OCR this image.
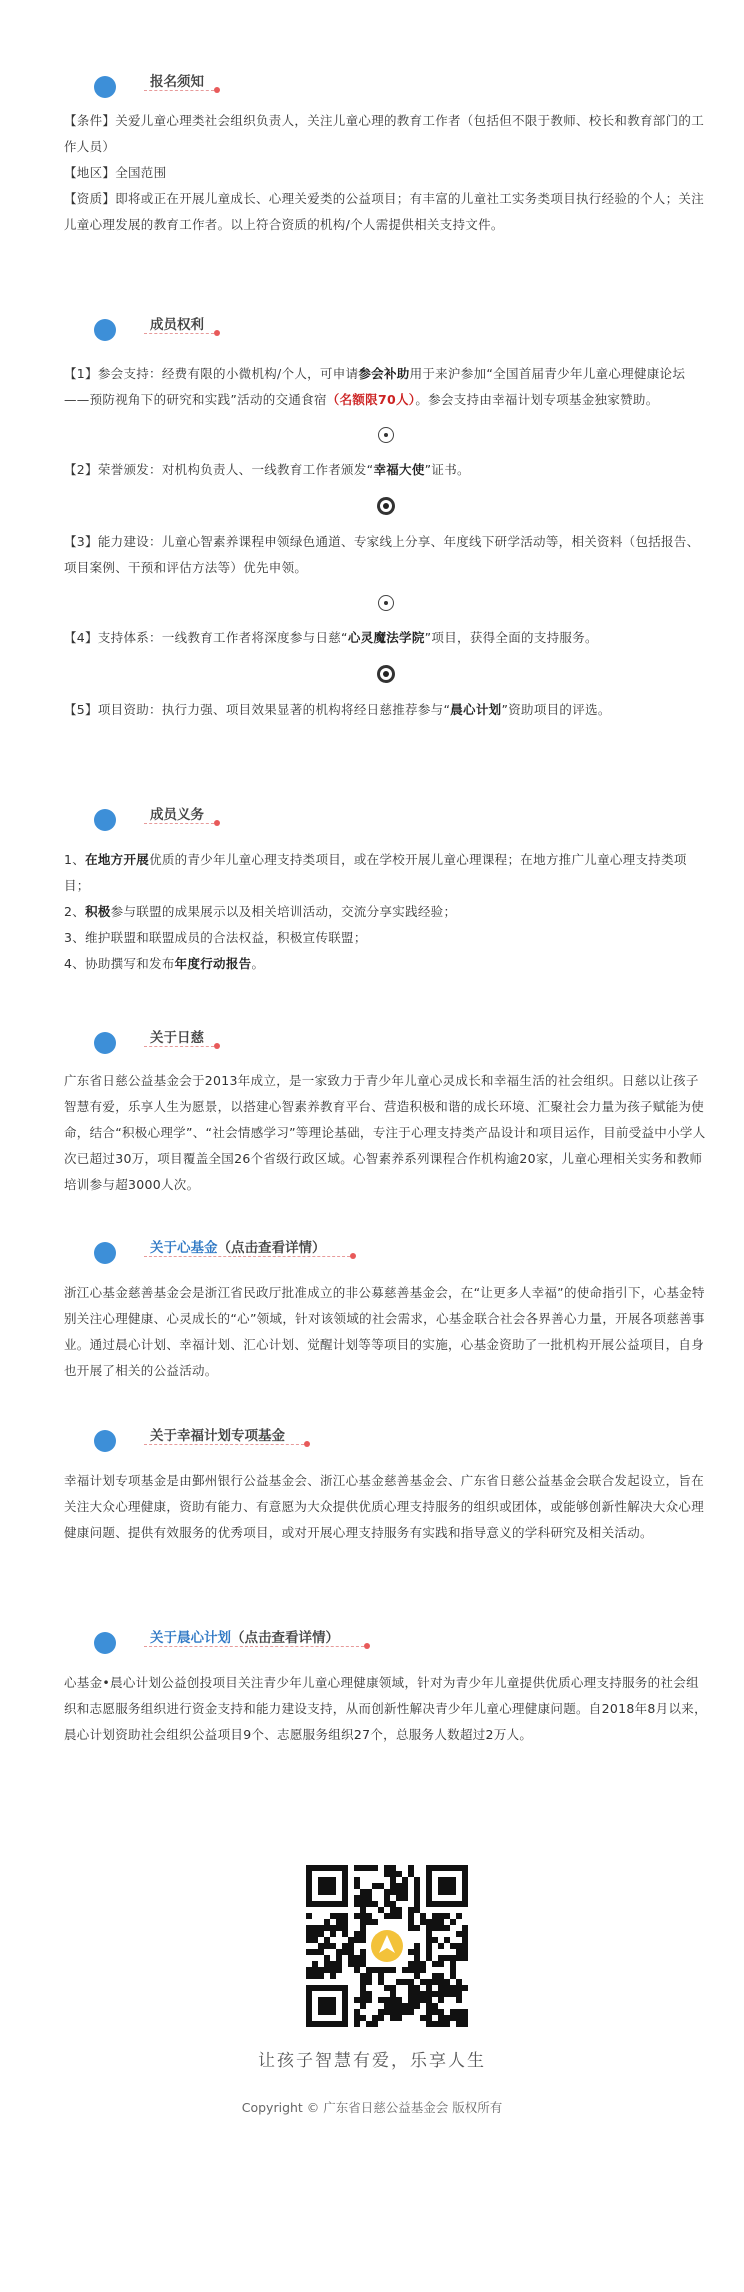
报名须知

【条件】关爱儿童心理类社会组织负责人，关注儿童心理的教育工作者（包括但不限于教师、校长和教育部门的工作人员）

【地区】全国范围

【资质】即将或正在开展儿童成长、心理关爱类的公益项目；有丰富的儿童社工实务类项目执行经验的个人；关注儿童心理发展的教育工作者。以上符合资质的机构/个人需提供相关支持文件。

成员权利

【1】参会支持：经费有限的小微机构/个人，可申请参会补助用于来沪参加“全国首届青少年儿童心理健康论坛——预防视角下的研究和实践”活动的交通食宿（名额限70人）。参会支持由幸福计划专项基金独家赞助。

【2】荣誉颁发：对机构负责人、一线教育工作者颁发“幸福大使”证书。

【3】能力建设：儿童心智素养课程申领绿色通道、专家线上分享、年度线下研学活动等，相关资料（包括报告、项目案例、干预和评估方法等）优先申领。

【4】支持体系：一线教育工作者将深度参与日慈“心灵魔法学院”项目，获得全面的支持服务。

【5】项目资助：执行力强、项目效果显著的机构将经日慈推荐参与“晨心计划”资助项目的评选。

成员义务

1、在地方开展优质的青少年儿童心理支持类项目，或在学校开展儿童心理课程；在地方推广儿童心理支持类项目；

2、积极参与联盟的成果展示以及相关培训活动，交流分享实践经验；

3、维护联盟和联盟成员的合法权益，积极宣传联盟；

4、协助撰写和发布年度行动报告。

关于日慈

广东省日慈公益基金会于2013年成立，是一家致力于青少年儿童心灵成长和幸福生活的社会组织。日慈以让孩子智慧有爱，乐享人生为愿景，以搭建心智素养教育平台、营造积极和谐的成长环境、汇聚社会力量为孩子赋能为使命，结合“积极心理学”、“社会情感学习”等理论基础，专注于心理支持类产品设计和项目运作，目前受益中小学人次已超过30万，项目覆盖全国26个省级行政区域。心智素养系列课程合作机构逾20家，儿童心理相关实务和教师培训参与超3000人次。

关于心基金（点击查看详情）

浙江心基金慈善基金会是浙江省民政厅批准成立的非公募慈善基金会，在“让更多人幸福”的使命指引下，心基金特别关注心理健康、心灵成长的“心”领域，针对该领域的社会需求，心基金联合社会各界善心力量，开展各项慈善事业。通过晨心计划、幸福计划、汇心计划、觉醒计划等等项目的实施，心基金资助了一批机构开展公益项目，自身也开展了相关的公益活动。

关于幸福计划专项基金

幸福计划专项基金是由鄞州银行公益基金会、浙江心基金慈善基金会、广东省日慈公益基金会联合发起设立，旨在关注大众心理健康，资助有能力、有意愿为大众提供优质心理支持服务的组织或团体，或能够创新性解决大众心理健康问题、提供有效服务的优秀项目，或对开展心理支持服务有实践和指导意义的学科研究及相关活动。

关于晨心计划（点击查看详情）

心基金•晨心计划公益创投项目关注青少年儿童心理健康领域，针对为青少年儿童提供优质心理支持服务的社会组织和志愿服务组织进行资金支持和能力建设支持，从而创新性解决青少年儿童心理健康问题。自2018年8月以来，晨心计划资助社会组织公益项目9个、志愿服务组织27个，总服务人数超过2万人。

让孩子智慧有爱，乐享人生
Copyright © 广东省日慈公益基金会 版权所有
